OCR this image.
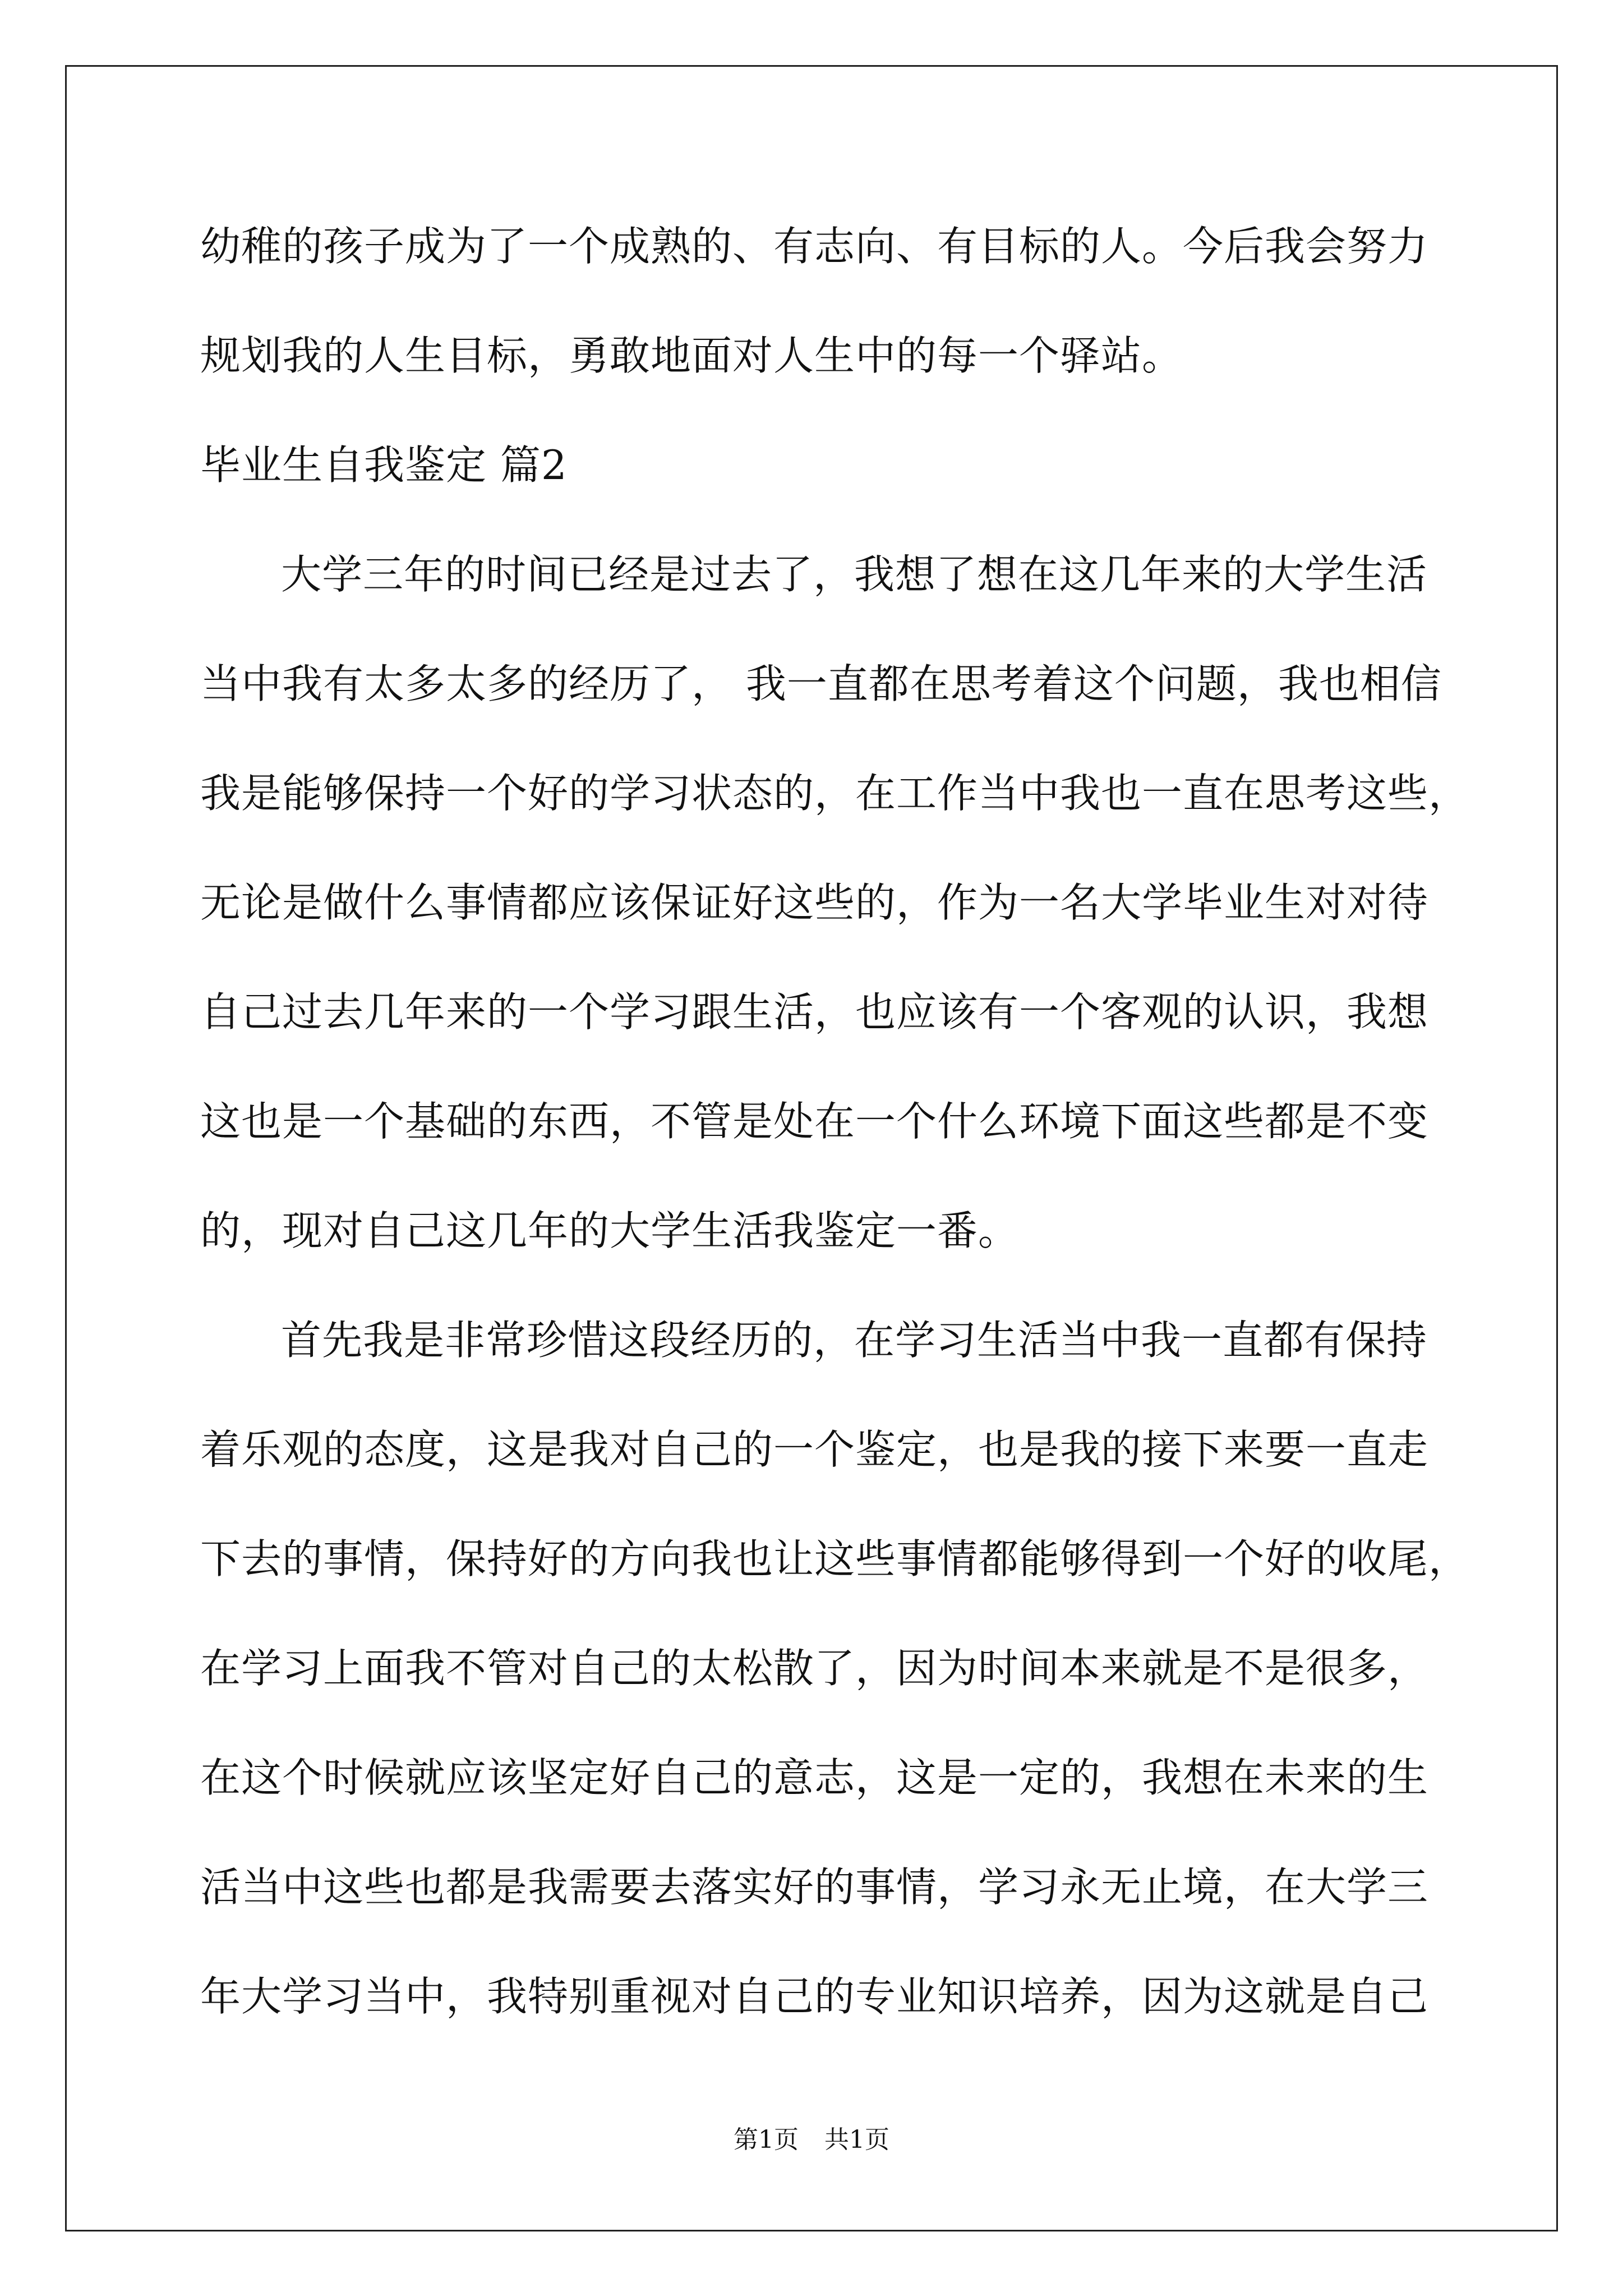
幼稚的孩子成为了一个成熟的、有志向、有目标的人。今后我会努力
规划我的人生目标，勇敢地面对人生中的每一个驿站。
毕业生自我鉴定 篇2
大学三年的时间已经是过去了，我想了想在这几年来的大学生活
当中我有太多太多的经历了， 我一直都在思考着这个问题，我也相信
我是能够保持一个好的学习状态的，在工作当中我也一直在思考这些，
无论是做什么事情都应该保证好这些的，作为一名大学毕业生对对待
自己过去几年来的一个学习跟生活，也应该有一个客观的认识，我想
这也是一个基础的东西，不管是处在一个什么环境下面这些都是不变
的，现对自己这几年的大学生活我鉴定一番。
首先我是非常珍惜这段经历的，在学习生活当中我一直都有保持
着乐观的态度，这是我对自己的一个鉴定，也是我的接下来要一直走
下去的事情，保持好的方向我也让这些事情都能够得到一个好的收尾，
在学习上面我不管对自己的太松散了，因为时间本来就是不是很多，
在这个时候就应该坚定好自己的意志，这是一定的，我想在未来的生
活当中这些也都是我需要去落实好的事情，学习永无止境，在大学三
年大学习当中，我特别重视对自己的专业知识培养，因为这就是自己
第1页 共1页
